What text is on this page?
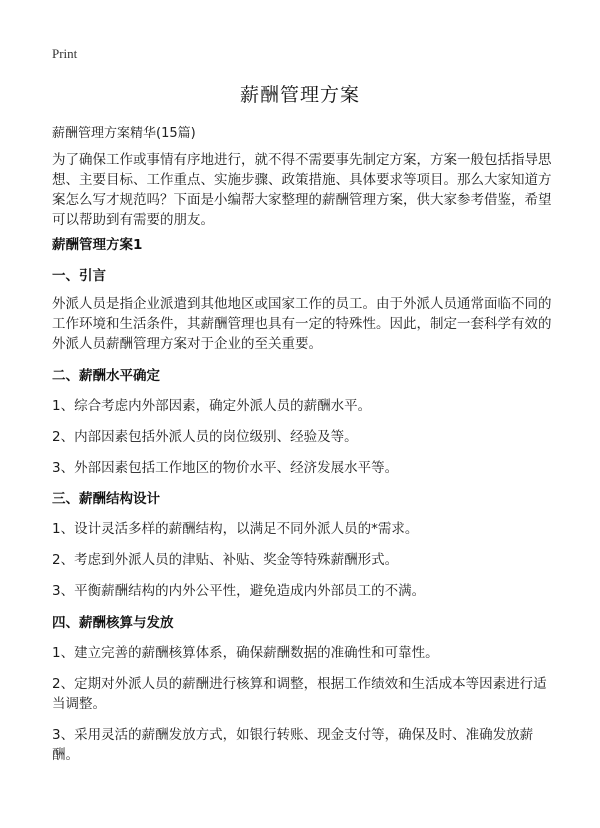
Print
薪酬管理方案
薪酬管理方案精华(15篇)
为了确保工作或事情有序地进行，就不得不需要事先制定方案，方案一般包括指导思想、主要目标、工作重点、实施步骤、政策措施、具体要求等项目。那么大家知道方案怎么写才规范吗？下面是小编帮大家整理的薪酬管理方案，供大家参考借鉴，希望可以帮助到有需要的朋友。
薪酬管理方案1
一、引言
外派人员是指企业派遣到其他地区或国家工作的员工。由于外派人员通常面临不同的工作环境和生活条件，其薪酬管理也具有一定的特殊性。因此，制定一套科学有效的外派人员薪酬管理方案对于企业的至关重要。
二、薪酬水平确定
1、综合考虑内外部因素，确定外派人员的薪酬水平。
2、内部因素包括外派人员的岗位级别、经验及等。
3、外部因素包括工作地区的物价水平、经济发展水平等。
三、薪酬结构设计
1、设计灵活多样的薪酬结构，以满足不同外派人员的*需求。
2、考虑到外派人员的津贴、补贴、奖金等特殊薪酬形式。
3、平衡薪酬结构的内外公平性，避免造成内外部员工的不满。
四、薪酬核算与发放
1、建立完善的薪酬核算体系，确保薪酬数据的准确性和可靠性。
2、定期对外派人员的薪酬进行核算和调整，根据工作绩效和生活成本等因素进行适当调整。
3、采用灵活的薪酬发放方式，如银行转账、现金支付等，确保及时、准确发放薪酬。
